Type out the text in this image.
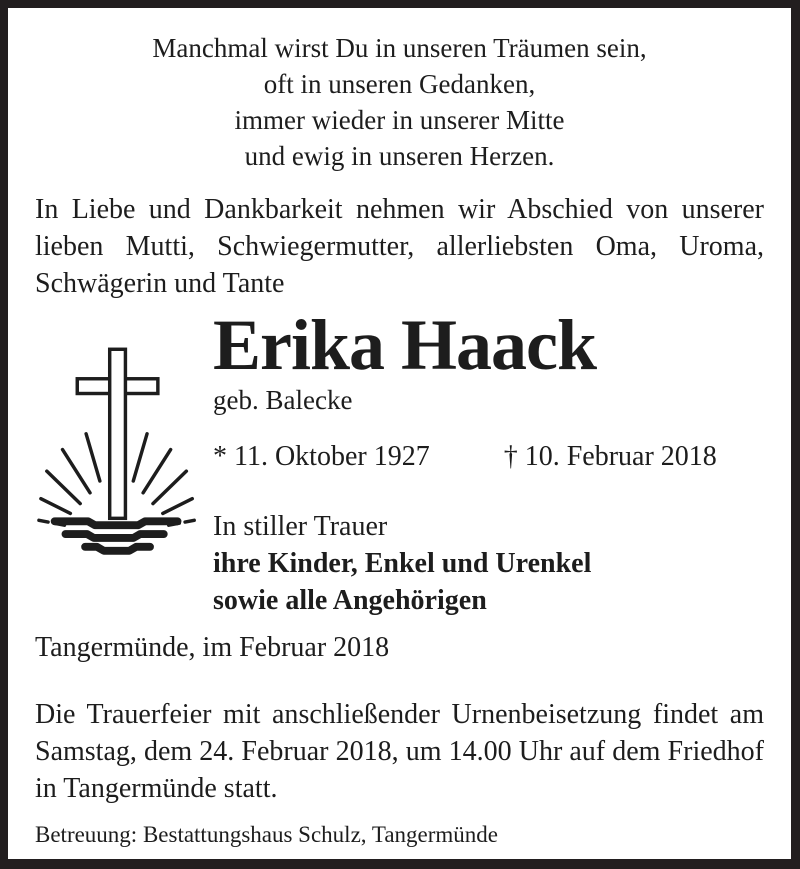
Manchmal wirst Du in unseren Träumen sein,
oft in unseren Gedanken,
immer wieder in unserer Mitte
und ewig in unseren Herzen.

In Liebe und Dankbarkeit nehmen wir Abschied von unserer lieben Mutti, Schwiegermutter, allerliebsten Oma, Uroma, Schwägerin und Tante

Erika Haack
geb. Balecke
* 11. Oktober 1927	† 10. Februar 2018
In stiller Trauer
ihre Kinder, Enkel und Urenkel
sowie alle Angehörigen
Tangermünde, im Februar 2018

Die Trauerfeier mit anschließender Urnenbeisetzung findet am Samstag, dem 24. Februar 2018, um 14.00 Uhr auf dem Friedhof in Tangermünde statt.

Betreuung: Bestattungshaus Schulz, Tangermünde
